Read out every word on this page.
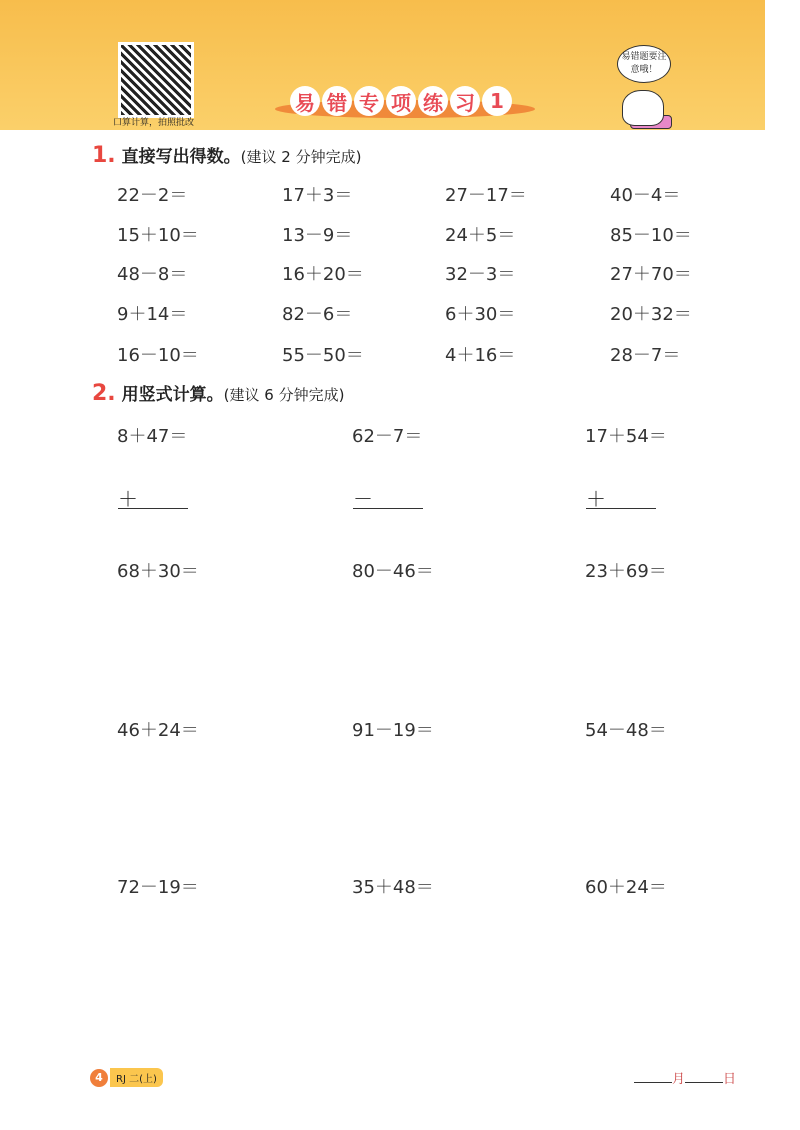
口算计算，拍照批改
易 错 专 项 练 习 1
易错题要注意哦！
1. 直接写出得数。(建议 2 分钟完成)
22－2＝	17＋3＝	27－17＝	40－4＝
15＋10＝	13－9＝	24＋5＝	85－10＝
48－8＝	16＋20＝	32－3＝	27＋70＝
9＋14＝	82－6＝	6＋30＝	20＋32＝
16－10＝	55－50＝	4＋16＝	28－7＝
2. 用竖式计算。(建议 6 分钟完成)
8＋47＝	62－7＝	17＋54＝
68＋30＝	80－46＝	23＋69＝
46＋24＝	91－19＝	54－48＝
72－19＝	35＋48＝	60＋24＝
＋	－	＋
4	RJ 二(上)	月	日
